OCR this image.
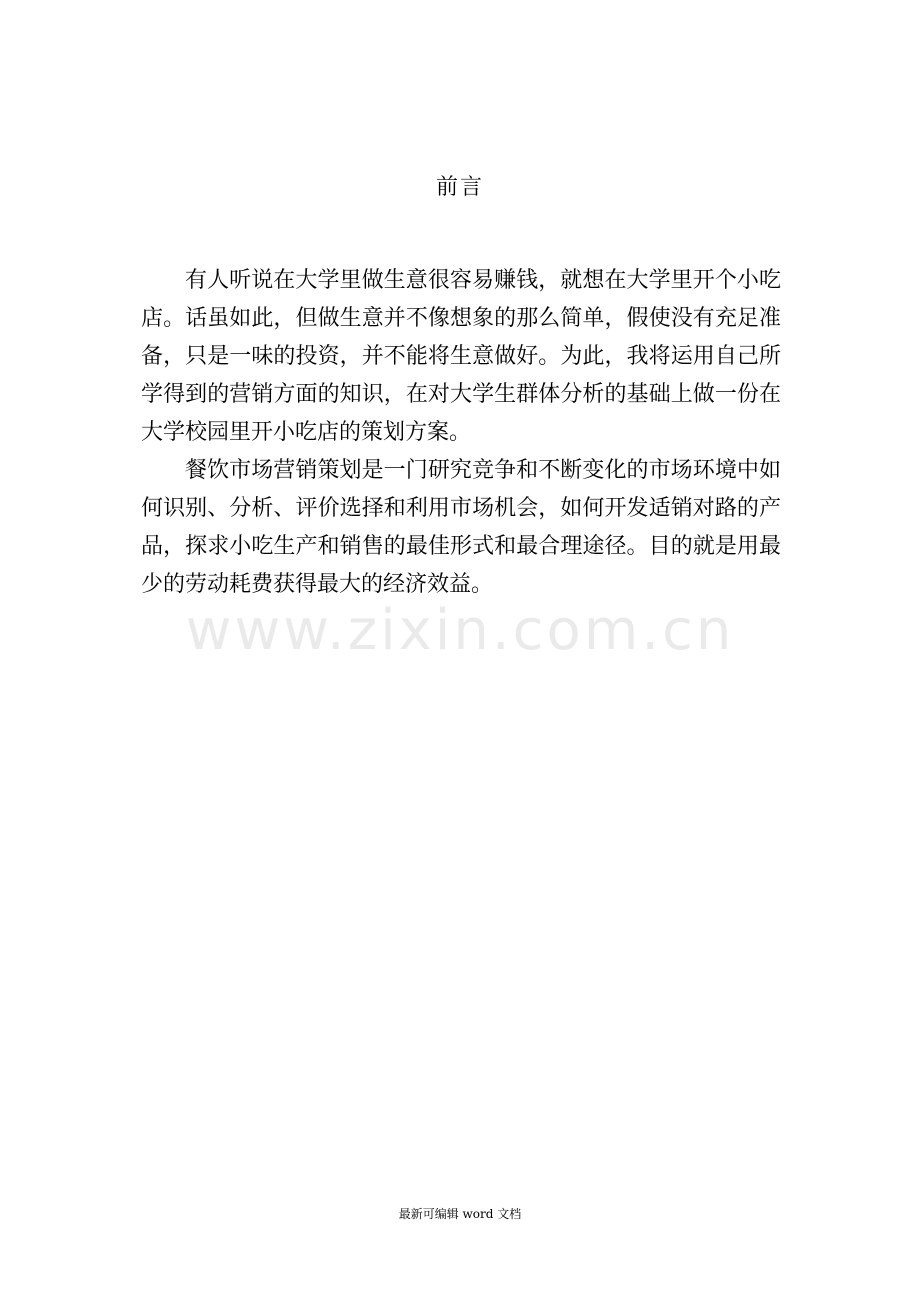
前言

有人听说在大学里做生意很容易赚钱，就想在大学里开个小吃店。话虽如此，但做生意并不像想象的那么简单，假使没有充足准备，只是一味的投资，并不能将生意做好。为此，我将运用自己所学得到的营销方面的知识，在对大学生群体分析的基础上做一份在大学校园里开小吃店的策划方案。

餐饮市场营销策划是一门研究竞争和不断变化的市场环境中如何识别、分析、评价选择和利用市场机会，如何开发适销对路的产品，探求小吃生产和销售的最佳形式和最合理途径。目的就是用最少的劳动耗费获得最大的经济效益。

www.zixin.com.cn
最新可编辑 word 文档
